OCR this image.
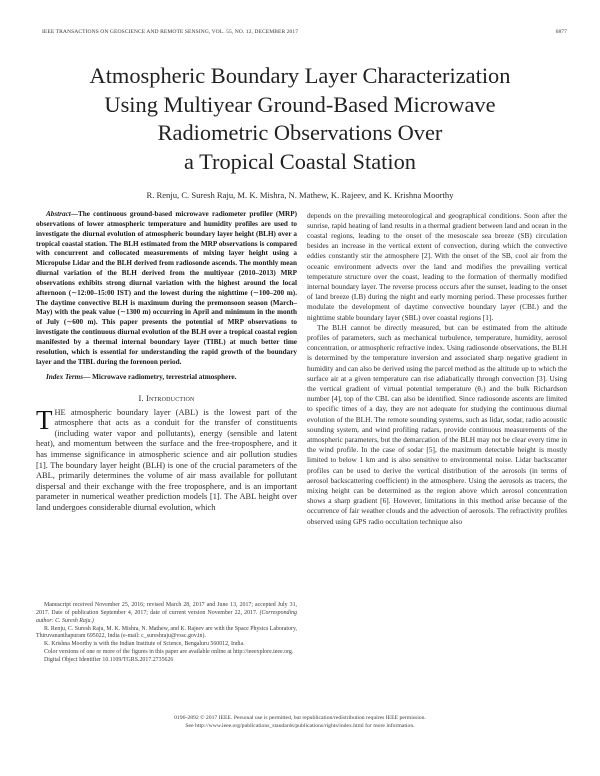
IEEE TRANSACTIONS ON GEOSCIENCE AND REMOTE SENSING, VOL. 55, NO. 12, DECEMBER 2017	6877
Atmospheric Boundary Layer Characterization
Using Multiyear Ground-Based Microwave
Radiometric Observations Over
a Tropical Coastal Station
R. Renju, C. Suresh Raju, M. K. Mishra, N. Mathew, K. Rajeev, and K. Krishna Moorthy

Abstract—The continuous ground-based microwave radiometer profiler (MRP) observations of lower atmospheric temperature and humidity profiles are used to investigate the diurnal evolution of atmospheric boundary layer height (BLH) over a tropical coastal station. The BLH estimated from the MRP observations is compared with concurrent and collocated measurements of mixing layer height using a Micropulse Lidar and the BLH derived from radiosonde ascends. The monthly mean diurnal variation of the BLH derived from the multiyear (2010–2013) MRP observations exhibits strong diurnal variation with the highest around the local afternoon (∼12:00–15:00 IST) and the lowest during the nighttime (∼100–200 m). The daytime convective BLH is maximum during the premonsoon season (March–May) with the peak value (∼1300 m) occurring in April and minimum in the month of July (∼600 m). This paper presents the potential of MRP observations to investigate the continuous diurnal evolution of the BLH over a tropical coastal region manifested by a thermal internal boundary layer (TIBL) at much better time resolution, which is essential for understanding the rapid growth of the boundary layer and the TIBL during the forenoon period.

Index Terms— Microwave radiometry, terrestrial atmosphere.

I. Introduction

THE atmospheric boundary layer (ABL) is the lowest part of the atmosphere that acts as a conduit for the transfer of constituents (including water vapor and pollutants), energy (sensible and latent heat), and momentum between the surface and the free-troposphere, and it has immense significance in atmospheric science and air pollution studies [1]. The boundary layer height (BLH) is one of the crucial parameters of the ABL, primarily determines the volume of air mass available for pollutant dispersal and their exchange with the free troposphere, and is an important parameter in numerical weather prediction models [1]. The ABL height over land undergoes considerable diurnal evolution, which

Manuscript received November 25, 2016; revised March 28, 2017 and June 13, 2017; accepted July 31, 2017. Date of publication September 4, 2017; date of current version November 22, 2017. (Corresponding author: C. Suresh Raju.)

R. Renju, C. Suresh Raju, M. K. Mishra, N. Mathew, and K. Rajeev are with the Space Physics Laboratory, Thiruvananthapuram 695022, India (e-mail: c_sureshraju@vssc.gov.in).

K. Krishna Moorthy is with the Indian Institute of Science, Bengaluru 560012, India.

Color versions of one or more of the figures in this paper are available online at http://ieeexplore.ieee.org.

Digital Object Identifier 10.1109/TGRS.2017.2735626

depends on the prevailing meteorological and geographical conditions. Soon after the sunrise, rapid heating of land results in a thermal gradient between land and ocean in the coastal regions, leading to the onset of the mesoscale sea breeze (SB) circulation besides an increase in the vertical extent of convection, during which the convective eddies constantly stir the atmosphere [2]. With the onset of the SB, cool air from the oceanic environment advects over the land and modifies the prevailing vertical temperature structure over the coast, leading to the formation of thermally modified internal boundary layer. The reverse process occurs after the sunset, leading to the onset of land breeze (LB) during the night and early morning period. These processes further modulate the development of daytime convective boundary layer (CBL) and the nighttime stable boundary layer (SBL) over coastal regions [1].

The BLH cannot be directly measured, but can be estimated from the altitude profiles of parameters, such as mechanical turbulence, temperature, humidity, aerosol concentration, or atmospheric refractive index. Using radiosonde observations, the BLH is determined by the temperature inversion and associated sharp negative gradient in humidity and can also be derived using the parcel method as the altitude up to which the surface air at a given temperature can rise adiabatically through convection [3]. Using the vertical gradient of virtual potential temperature (θᵥ) and the bulk Richardson number [4], top of the CBL can also be identified. Since radiosonde ascents are limited to specific times of a day, they are not adequate for studying the continuous diurnal evolution of the BLH. The remote sounding systems, such as lidar, sodar, radio acoustic sounding system, and wind profiling radars, provide continuous measurements of the atmospheric parameters, but the demarcation of the BLH may not be clear every time in the wind profile. In the case of sodar [5], the maximum detectable height is mostly limited to below 1 km and is also sensitive to environmental noise. Lidar backscatter profiles can be used to derive the vertical distribution of the aerosols (in terms of aerosol backscattering coefficient) in the atmosphere. Using the aerosols as tracers, the mixing height can be determined as the region above which aerosol concentration shows a sharp gradient [6]. However, limitations in this method arise because of the occurrence of fair weather clouds and the advection of aerosols. The refractivity profiles observed using GPS radio occultation technique also

0196-2892 © 2017 IEEE. Personal use is permitted, but republication/redistribution requires IEEE permission.
See http://www.ieee.org/publications_standards/publications/rights/index.html for more information.
